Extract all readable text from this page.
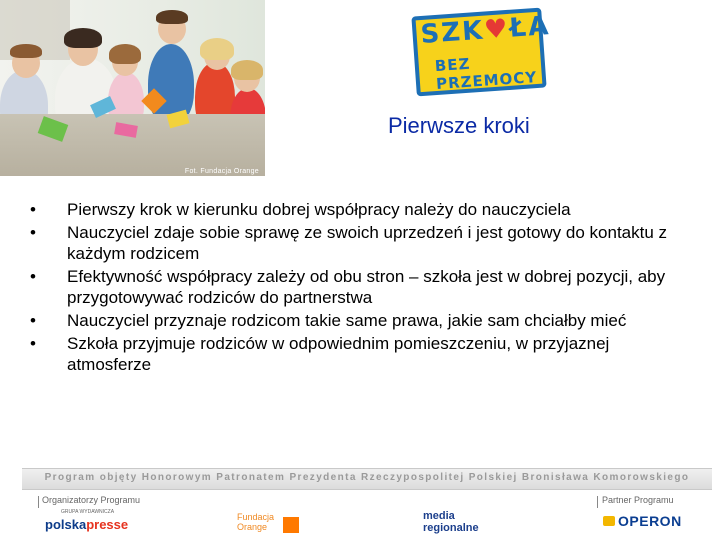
Fot. Fundacja Orange
SZK♥ŁA
BEZ PRZEMOCY
Pierwsze kroki
• Pierwszy krok w kierunku dobrej współpracy należy do nauczyciela
• Nauczyciel zdaje sobie sprawę ze swoich uprzedzeń i jest gotowy do kontaktu z każdym rodzicem
• Efektywność współpracy zależy od obu stron – szkoła jest w dobrej pozycji, aby przygotowywać rodziców do partnerstwa
• Nauczyciel przyznaje rodzicom takie same prawa, jakie sam chciałby mieć
• Szkoła przyjmuje rodziców w odpowiednim pomieszczeniu, w przyjaznej atmosferze
Program objęty Honorowym Patronatem Prezydenta Rzeczypospolitej Polskiej Bronisława Komorowskiego
Organizatorzy Programu	Partner Programu
GRUPA WYDAWNICZA
polskapresse	Fundacja
Orange
media
regionalne	OPERON
